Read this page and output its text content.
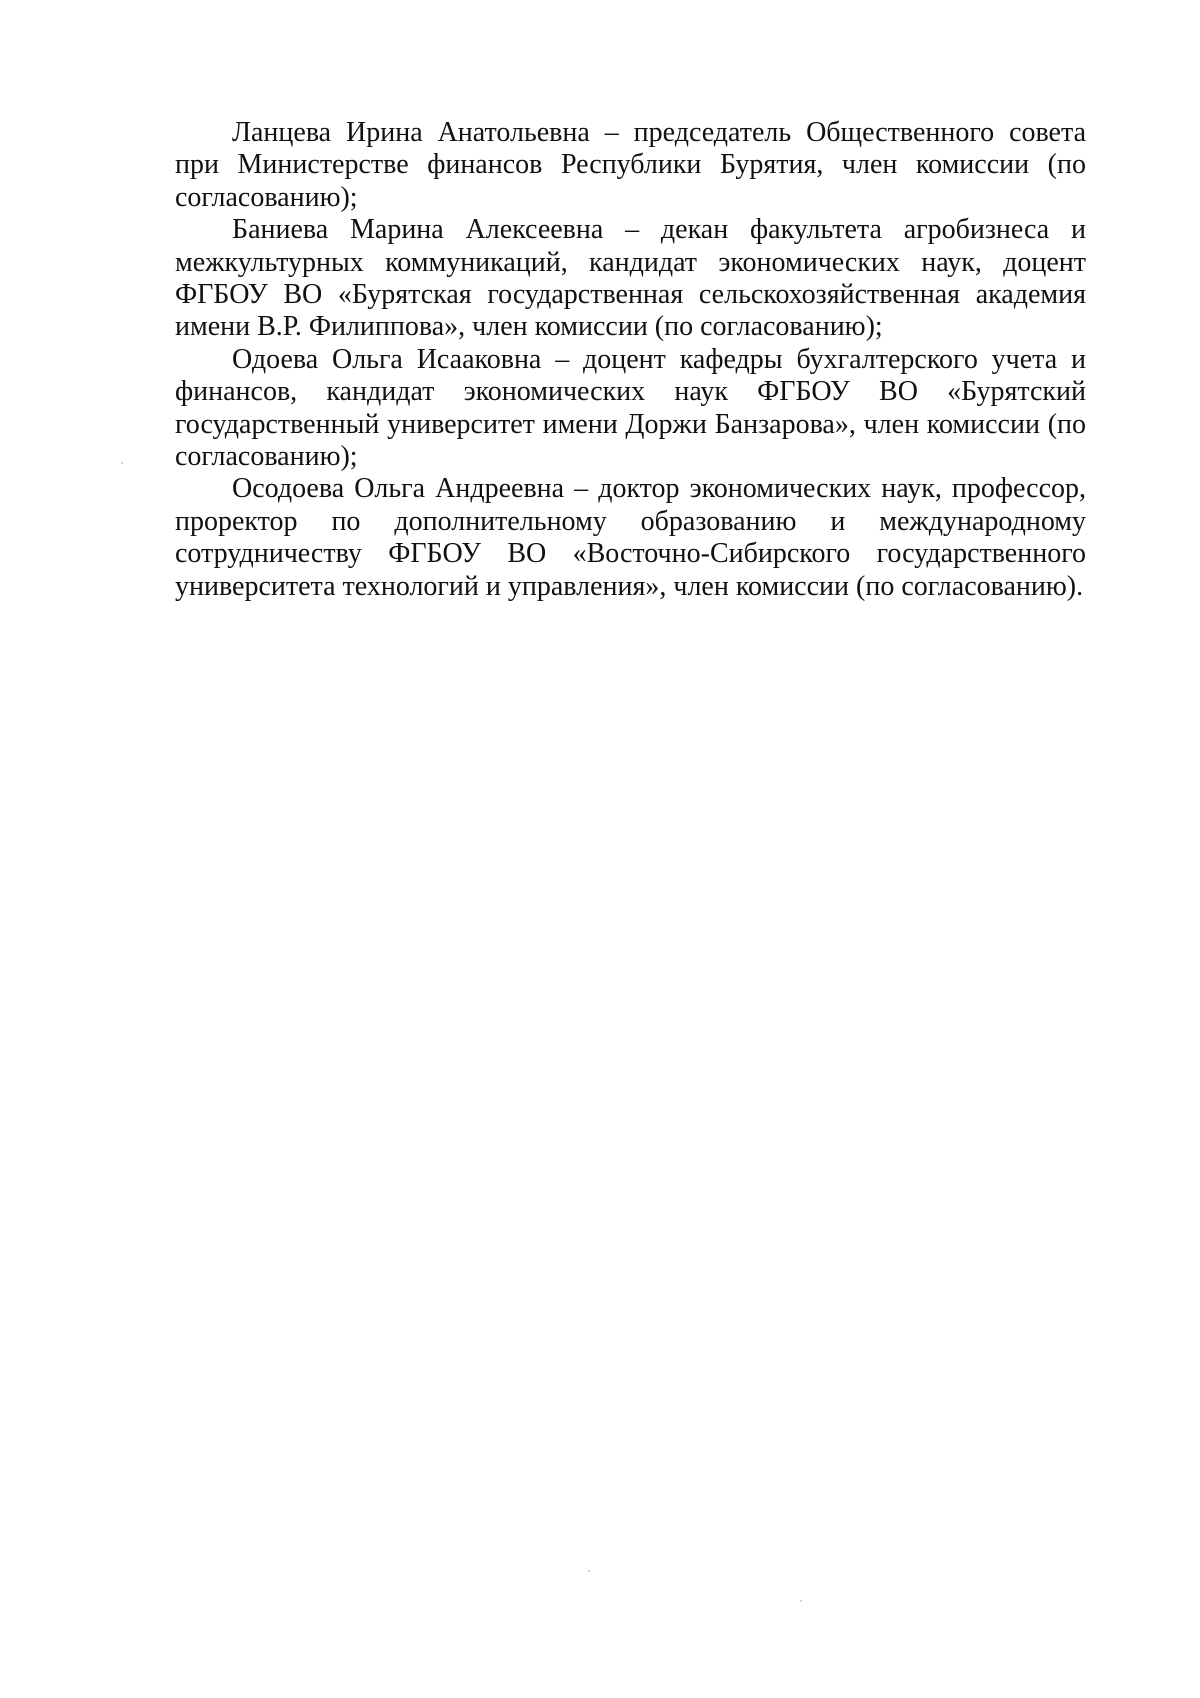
Ланцева Ирина Анатольевна – председатель Общественного совета при Министерстве финансов Республики Бурятия, член комиссии (по согласованию);

Баниева Марина Алексеевна – декан факультета агробизнеса и межкультурных коммуникаций, кандидат экономических наук, доцент ФГБОУ ВО «Бурятская государственная сельскохозяйственная академия имени В.Р. Филиппова», член комиссии (по согласованию);

Одоева Ольга Исааковна – доцент кафедры бухгалтерского учета и финансов, кандидат экономических наук ФГБОУ ВО «Бурятский государственный университет имени Доржи Банзарова», член комиссии (по согласованию);

Осодоева Ольга Андреевна – доктор экономических наук, профессор, проректор по дополнительному образованию и международному сотрудничеству ФГБОУ ВО «Восточно-Сибирского государственного университета технологий и управления», член комиссии (по согласованию).
